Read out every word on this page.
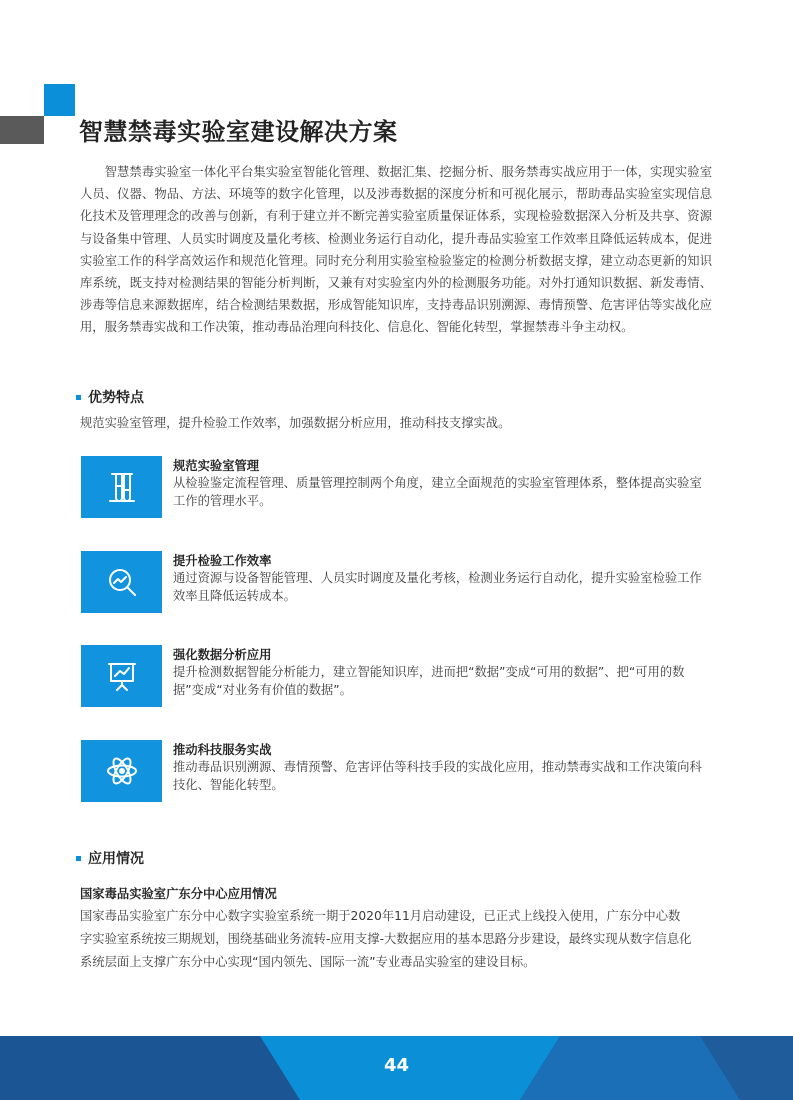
智慧禁毒实验室建设解决方案

智慧禁毒实验室一体化平台集实验室智能化管理、数据汇集、挖掘分析、服务禁毒实战应用于一体，实现实验室人员、仪器、物品、方法、环境等的数字化管理，以及涉毒数据的深度分析和可视化展示，帮助毒品实验室实现信息化技术及管理理念的改善与创新，有利于建立并不断完善实验室质量保证体系，实现检验数据深入分析及共享、资源与设备集中管理、人员实时调度及量化考核、检测业务运行自动化，提升毒品实验室工作效率且降低运转成本，促进实验室工作的科学高效运作和规范化管理。同时充分利用实验室检验鉴定的检测分析数据支撑，建立动态更新的知识库系统，既支持对检测结果的智能分析判断，又兼有对实验室内外的检测服务功能。对外打通知识数据、新发毒情、涉毒等信息来源数据库，结合检测结果数据，形成智能知识库，支持毒品识别溯源、毒情预警、危害评估等实战化应用，服务禁毒实战和工作决策，推动毒品治理向科技化、信息化、智能化转型，掌握禁毒斗争主动权。

优势特点

规范实验室管理，提升检验工作效率，加强数据分析应用，推动科技支撑实战。

规范实验室管理

从检验鉴定流程管理、质量管理控制两个角度，建立全面规范的实验室管理体系，整体提高实验室工作的管理水平。

提升检验工作效率

通过资源与设备智能管理、人员实时调度及量化考核，检测业务运行自动化，提升实验室检验工作效率且降低运转成本。

强化数据分析应用

提升检测数据智能分析能力，建立智能知识库，进而把“数据”变成“可用的数据”、把“可用的数据”变成“对业务有价值的数据”。

推动科技服务实战

推动毒品识别溯源、毒情预警、危害评估等科技手段的实战化应用，推动禁毒实战和工作决策向科技化、智能化转型。

应用情况

国家毒品实验室广东分中心应用情况

国家毒品实验室广东分中心数字实验室系统一期于2020年11月启动建设，已正式上线投入使用，广东分中心数字实验室系统按三期规划，围绕基础业务流转-应用支撑-大数据应用的基本思路分步建设，最终实现从数字信息化系统层面上支撑广东分中心实现“国内领先、国际一流”专业毒品实验室的建设目标。

44
